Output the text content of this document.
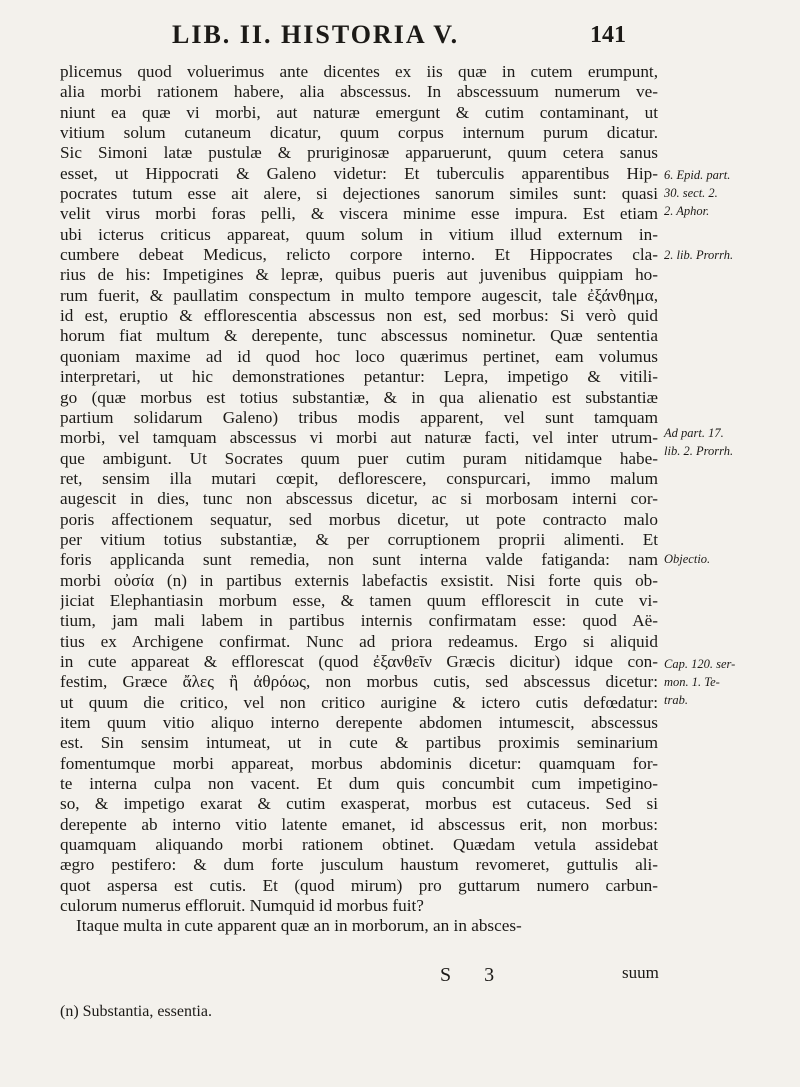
LIB. II. HISTORIA V.	141
plicemus quod voluerimus ante dicentes ex iis quæ in cutem erumpunt,
alia morbi rationem habere, alia abscessus. In abscessuum numerum ve-
niunt ea quæ vi morbi, aut naturæ emergunt & cutim contaminant, ut
vitium solum cutaneum dicatur, quum corpus internum purum dicatur.
Sic Simoni latæ pustulæ & pruriginosæ apparuerunt, quum cetera sanus
esset, ut Hippocrati & Galeno videtur: Et tuberculis apparentibus Hip-
pocrates tutum esse ait alere, si dejectiones sanorum similes sunt: quasi
velit virus morbi foras pelli, & viscera minime esse impura. Est etiam
ubi icterus criticus appareat, quum solum in vitium illud externum in-
cumbere debeat Medicus, relicto corpore interno. Et Hippocrates cla-
rius de his: Impetigines & lepræ, quibus pueris aut juvenibus quippiam ho-
rum fuerit, & paullatim conspectum in multo tempore augescit, tale ἐξάνθημα,
id est, eruptio & efflorescentia abscessus non est, sed morbus: Si verò quid
horum fiat multum & derepente, tunc abscessus nominetur. Quæ sententia
quoniam maxime ad id quod hoc loco quærimus pertinet, eam volumus
interpretari, ut hic demonstrationes petantur: Lepra, impetigo & vitili-
go (quæ morbus est totius substantiæ, & in qua alienatio est substantiæ
partium solidarum Galeno) tribus modis apparent, vel sunt tamquam
morbi, vel tamquam abscessus vi morbi aut naturæ facti, vel inter utrum-
que ambigunt. Ut Socrates quum puer cutim puram nitidamque habe-
ret, sensim illa mutari cœpit, deflorescere, conspurcari, immo malum
augescit in dies, tunc non abscessus dicetur, ac si morbosam interni cor-
poris affectionem sequatur, sed morbus dicetur, ut pote contracto malo
per vitium totius substantiæ, & per corruptionem proprii alimenti. Et
foris applicanda sunt remedia, non sunt interna valde fatiganda: nam
morbi οὐσία (n) in partibus externis labefactis exsistit. Nisi forte quis ob-
jiciat Elephantiasin morbum esse, & tamen quum efflorescit in cute vi-
tium, jam mali labem in partibus internis confirmatam esse: quod Aë-
tius ex Archigene confirmat. Nunc ad priora redeamus. Ergo si aliquid
in cute appareat & efflorescat (quod ἐξανθεῖν Græcis dicitur) idque con-
festim, Græce ἄλες ἢ ἀθρόως, non morbus cutis, sed abscessus dicetur:
ut quum die critico, vel non critico aurigine & ictero cutis defœdatur:
item quum vitio aliquo interno derepente abdomen intumescit, abscessus
est. Sin sensim intumeat, ut in cute & partibus proximis seminarium
fomentumque morbi appareat, morbus abdominis dicetur: quamquam for-
te interna culpa non vacent. Et dum quis concumbit cum impetigino-
so, & impetigo exarat & cutim exasperat, morbus est cutaceus. Sed si
derepente ab interno vitio latente emanet, id abscessus erit, non morbus:
quamquam aliquando morbi rationem obtinet. Quædam vetula assidebat
ægro pestifero: & dum forte jusculum haustum revomeret, guttulis ali-
quot aspersa est cutis. Et (quod mirum) pro guttarum numero carbun-
culorum numerus effloruit. Numquid id morbus fuit?
Itaque multa in cute apparent quæ an in morborum, an in absces-
6. Epid. part.
30. sect. 2.
2. Aphor.
2. lib. Prorrh.
Ad part. 17.
lib. 2. Prorrh.
Objectio.
Cap. 120. ser-
mon. 1. Te-
trab.
S 3	suum
(n) Substantia, essentia.
